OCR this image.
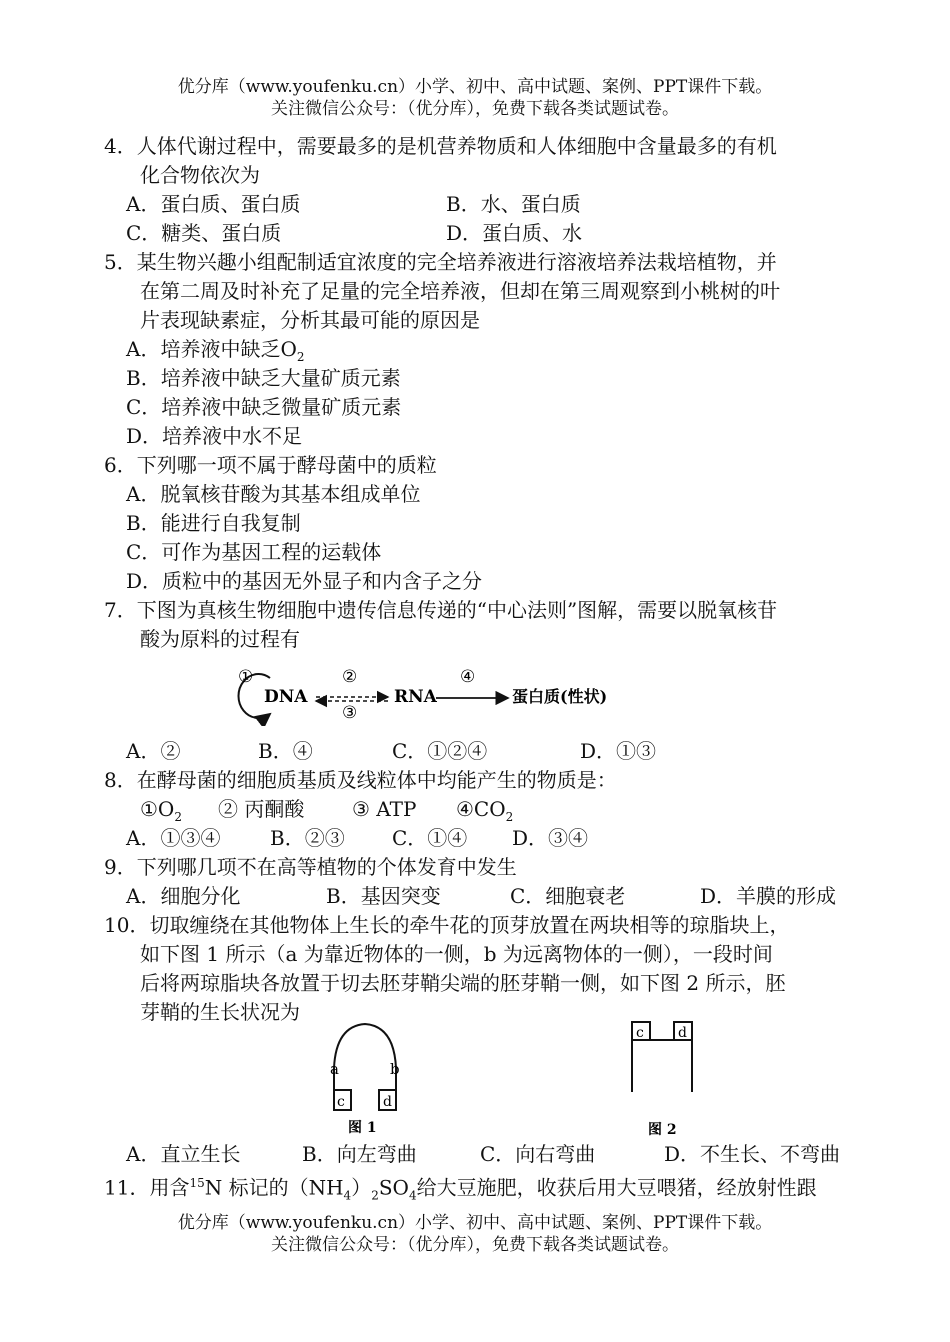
优分库（www.youfenku.cn）小学、初中、高中试题、案例、PPT课件下载。
关注微信公众号：（优分库），免费下载各类试题试卷。
4．人体代谢过程中，需要最多的是机营养物质和人体细胞中含量最多的有机
化合物依次为
A．蛋白质、蛋白质	B．水、蛋白质
C．糖类、蛋白质	D．蛋白质、水
5．某生物兴趣小组配制适宜浓度的完全培养液进行溶液培养法栽培植物，并
在第二周及时补充了足量的完全培养液，但却在第三周观察到小桃树的叶
片表现缺素症，分析其最可能的原因是
A．培养液中缺乏$O_2$
B．培养液中缺乏大量矿质元素
C．培养液中缺乏微量矿质元素
D．培养液中水不足
6．下列哪一项不属于酵母菌中的质粒
A．脱氧核苷酸为其基本组成单位
B．能进行自我复制
C．可作为基因工程的运载体
D．质粒中的基因无外显子和内含子之分
7．下图为真核生物细胞中遗传信息传递的“中心法则”图解，需要以脱氧核苷
酸为原料的过程有
①
DNA
②
③
RNA
④
蛋白质(性状)
A．②	B．④	C．①②④	D．①③
8．在酵母菌的细胞质基质及线粒体中均能产生的物质是：
$①O_2$ ② 丙酮酸 ③ ATP $④CO_2$
A．①③④ B．②③ C．①④ D．③④
9．下列哪几项不在高等植物的个体发育中发生
A．细胞分化	B．基因突变	C．细胞衰老	D．羊膜的形成
10．切取缠绕在其他物体上生长的牵牛花的顶芽放置在两块相等的琼脂块上，
如下图 1 所示（a 为靠近物体的一侧，b 为远离物体的一侧），一段时间
后将两琼脂块各放置于切去胚芽鞘尖端的胚芽鞘一侧，如下图 2 所示，胚
芽鞘的生长状况为
a	b
c	d
图 1
c d
图 2
A．直立生长	B．向左弯曲	C．向右弯曲	D．不生长、不弯曲
11．用含$^{15}$N 标记的$(NH_4)_2SO_4$给大豆施肥，收获后用大豆喂猪，经放射性跟
优分库（www.youfenku.cn）小学、初中、高中试题、案例、PPT课件下载。
关注微信公众号：（优分库），免费下载各类试题试卷。
